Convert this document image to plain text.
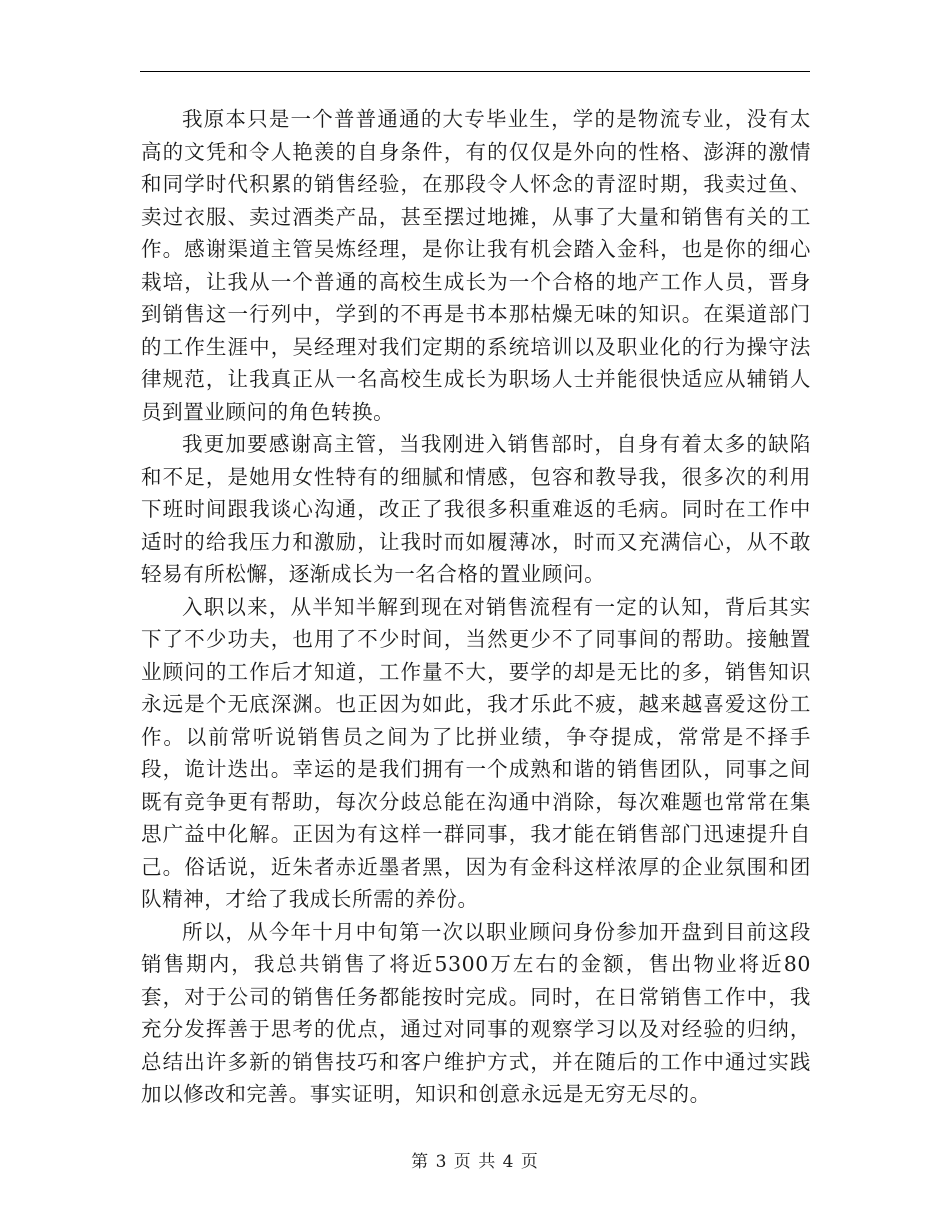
我原本只是一个普普通通的大专毕业生，学的是物流专业，没有太高的文凭和令人艳羡的自身条件，有的仅仅是外向的性格、澎湃的激情和同学时代积累的销售经验，在那段令人怀念的青涩时期，我卖过鱼、卖过衣服、卖过酒类产品，甚至摆过地摊，从事了大量和销售有关的工作。感谢渠道主管吴炼经理，是你让我有机会踏入金科，也是你的细心栽培，让我从一个普通的高校生成长为一个合格的地产工作人员，晋身到销售这一行列中，学到的不再是书本那枯燥无味的知识。在渠道部门的工作生涯中，吴经理对我们定期的系统培训以及职业化的行为操守法律规范，让我真正从一名高校生成长为职场人士并能很快适应从辅销人员到置业顾问的角色转换。

我更加要感谢高主管，当我刚进入销售部时，自身有着太多的缺陷和不足，是她用女性特有的细腻和情感，包容和教导我，很多次的利用下班时间跟我谈心沟通，改正了我很多积重难返的毛病。同时在工作中适时的给我压力和激励，让我时而如履薄冰，时而又充满信心，从不敢轻易有所松懈，逐渐成长为一名合格的置业顾问。

入职以来，从半知半解到现在对销售流程有一定的认知，背后其实下了不少功夫，也用了不少时间，当然更少不了同事间的帮助。接触置业顾问的工作后才知道，工作量不大，要学的却是无比的多，销售知识永远是个无底深渊。也正因为如此，我才乐此不疲，越来越喜爱这份工作。以前常听说销售员之间为了比拼业绩，争夺提成，常常是不择手段，诡计迭出。幸运的是我们拥有一个成熟和谐的销售团队，同事之间既有竞争更有帮助，每次分歧总能在沟通中消除，每次难题也常常在集思广益中化解。正因为有这样一群同事，我才能在销售部门迅速提升自己。俗话说，近朱者赤近墨者黑，因为有金科这样浓厚的企业氛围和团队精神，才给了我成长所需的养份。

所以，从今年十月中旬第一次以职业顾问身份参加开盘到目前这段销售期内，我总共销售了将近5300万左右的金额，售出物业将近80套，对于公司的销售任务都能按时完成。同时，在日常销售工作中，我充分发挥善于思考的优点，通过对同事的观察学习以及对经验的归纳，总结出许多新的销售技巧和客户维护方式，并在随后的工作中通过实践加以修改和完善。事实证明，知识和创意永远是无穷无尽的。

第 3 页 共 4 页
